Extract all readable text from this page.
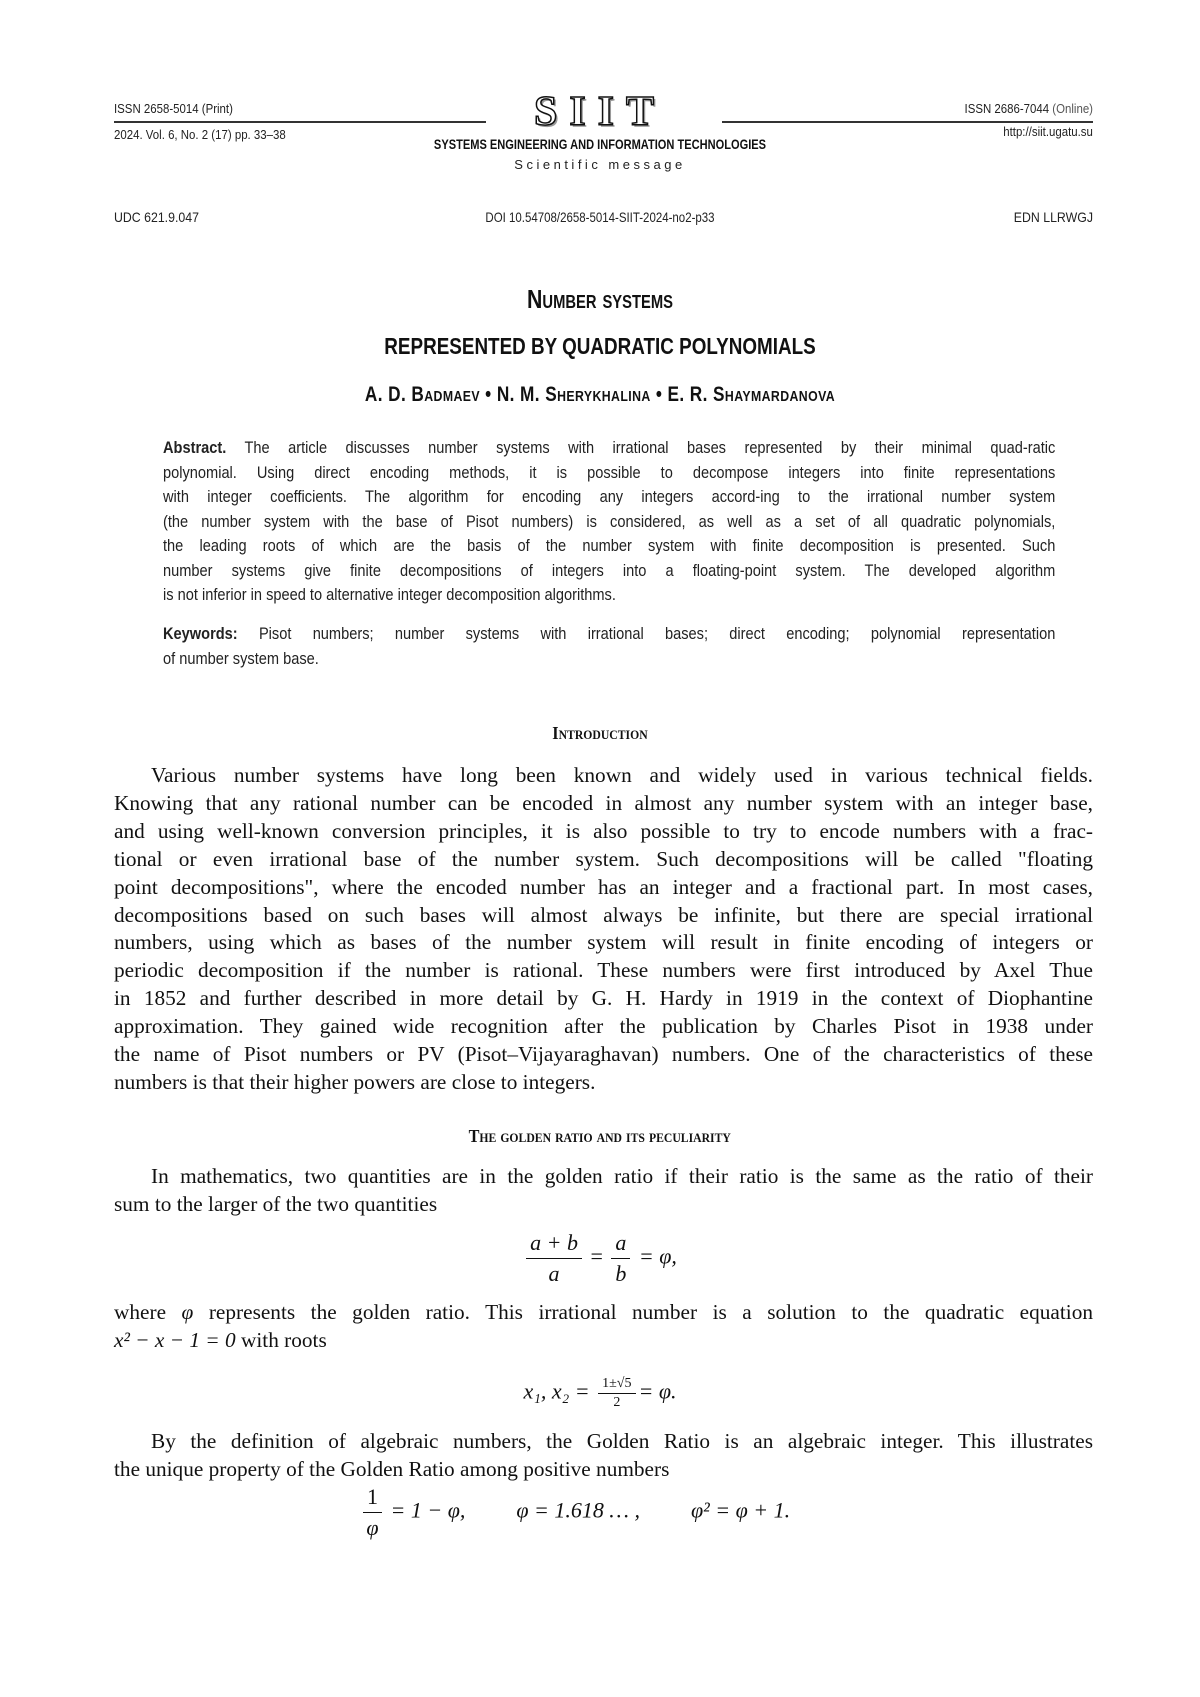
ISSN 2658-5014 (Print)
2024. Vol. 6, No. 2 (17) pp. 33–38	SIIT
SYSTEMS ENGINEERING AND INFORMATION TECHNOLOGIES
Scientific message
ISSN 2686-7044 (Online)
http://siit.ugatu.su
UDC 621.9.047	DOI 10.54708/2658-5014-SIIT-2024-no2-p33	EDN LLRWGJ
Number systems
REPRESENTED BY QUADRATIC POLYNOMIALS
A. D. Badmaev • N. M. Sherykhalina • E. R. Shaymardanova
Abstract. The article discusses number systems with irrational bases represented by their minimal quad-ratic
polynomial. Using direct encoding methods, it is possible to decompose integers into finite representations
with integer coefficients. The algorithm for encoding any integers accord-ing to the irrational number system
(the number system with the base of Pisot numbers) is considered, as well as a set of all quadratic polynomials,
the leading roots of which are the basis of the number system with finite decomposition is presented. Such
number systems give finite decompositions of integers into a floating-point system. The developed algorithm
is not inferior in speed to alternative integer decomposition algorithms.
Keywords: Pisot numbers; number systems with irrational bases; direct encoding; polynomial representation
of number system base.
Introduction
Various number systems have long been known and widely used in various technical fields.
Knowing that any rational number can be encoded in almost any number system with an integer base,
and using well-known conversion principles, it is also possible to try to encode numbers with a frac-
tional or even irrational base of the number system. Such decompositions will be called "floating
point decompositions", where the encoded number has an integer and a fractional part. In most cases,
decompositions based on such bases will almost always be infinite, but there are special irrational
numbers, using which as bases of the number system will result in finite encoding of integers or
periodic decomposition if the number is rational. These numbers were first introduced by Axel Thue
in 1852 and further described in more detail by G. H. Hardy in 1919 in the context of Diophantine
approximation. They gained wide recognition after the publication by Charles Pisot in 1938 under
the name of Pisot numbers or PV (Pisot–Vijayaraghavan) numbers. One of the characteristics of these
numbers is that their higher powers are close to integers.
The golden ratio and its peculiarity
In mathematics, two quantities are in the golden ratio if their ratio is the same as the ratio of their
sum to the larger of the two quantities
a + b
a
=
a
b
= φ,
where φ represents the golden ratio. This irrational number is a solution to the quadratic equation
x² − x − 1 = 0 with roots
x₁, x₂ = 1±√5
2 = φ.
By the definition of algebraic numbers, the Golden Ratio is an algebraic integer. This illustrates
the unique property of the Golden Ratio among positive numbers
1
φ
= 1 − φ, φ = 1.618 … , φ² = φ + 1.
